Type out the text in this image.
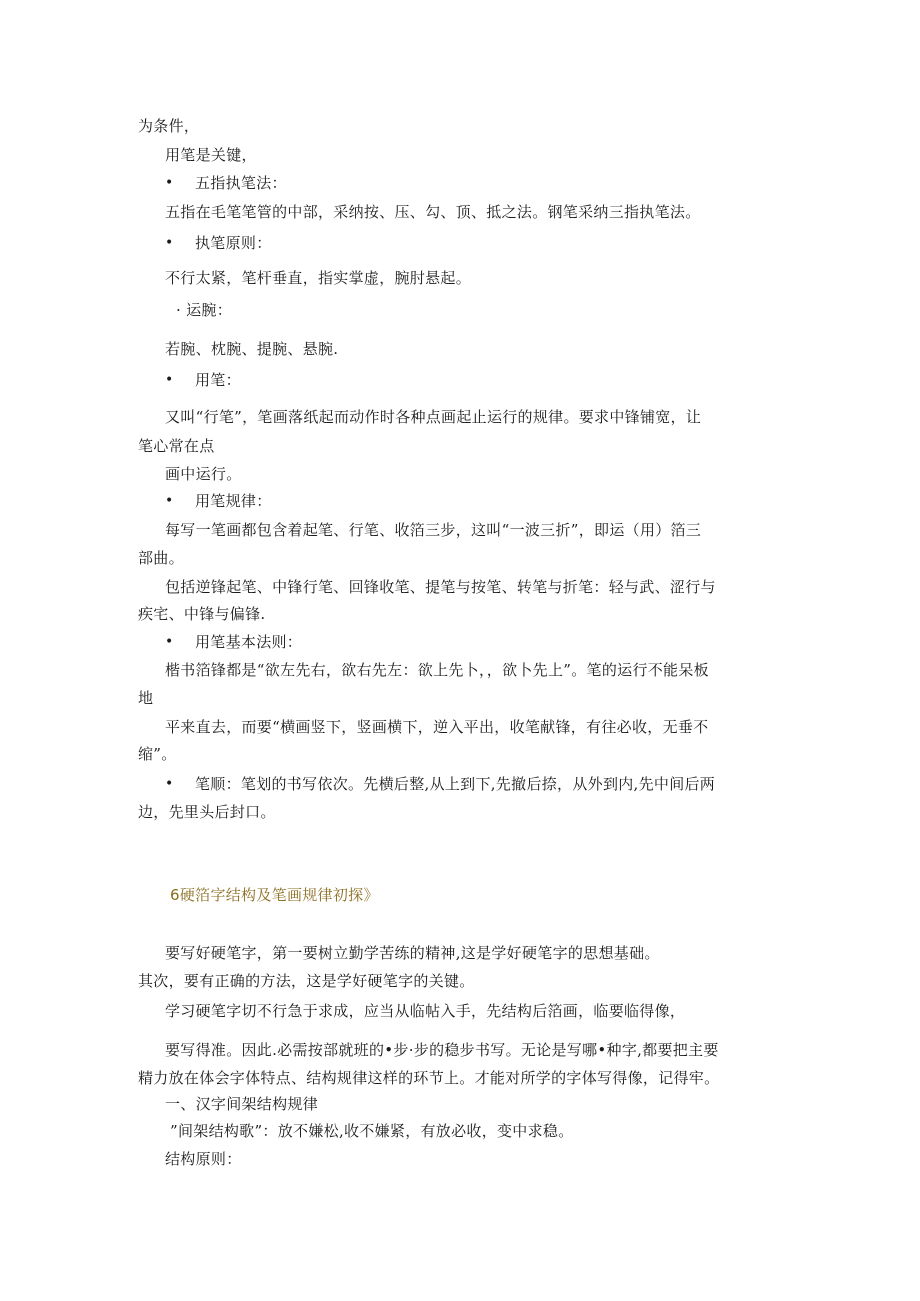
为条件，
用笔是关键，
• 五指执笔法：
五指在毛笔笔管的中部，采纳按、压、勾、顶、抵之法。钢笔采纳三指执笔法。
• 执笔原则：
不行太紧，笔杆垂直，指实掌虚，腕肘悬起。
· 运腕：
若腕、枕腕、提腕、悬腕.
• 用笔：
又叫“行笔”，笔画落纸起而动作时各种点画起止运行的规律。要求中锋铺宽，让
笔心常在点
画中运行。
• 用笔规律：
每写一笔画都包含着起笔、行笔、收箔三步，这叫“一波三折”，即运（用）箔三
部曲。
包括逆锋起笔、中锋行笔、回锋收笔、提笔与按笔、转笔与折笔：轻与武、涩行与
疾宅、中锋与偏锋.
• 用笔基本法则：
楷书箔锋都是“欲左先右，欲右先左：欲上先卜，，欲卜先上”。笔的运行不能呆板
地
平来直去，而要“横画竖下，竖画横下，逆入平出，收笔献锋，有往必收，无垂不
缩”。
• 笔顺：笔划的书写依次。先横后整,从上到下,先撤后捺，从外到内,先中间后两
边，先里头后封口。
6硬箔字结构及笔画规律初探》
要写好硬笔字，第一要树立勤学苦练的精神,这是学好硬笔字的思想基础。
其次，要有正确的方法，这是学好硬笔字的关键。
学习硬笔字切不行急于求成，应当从临帖入手，先结构后箔画，临要临得像，
要写得准。因此.必需按部就班的•步·步的稳步书写。无论是写哪•种字,都要把主要
精力放在体会字体特点、结构规律这样的环节上。才能对所学的字体写得像，记得牢。
一、汉字间架结构规律
”间架结构歌”：放不嫌松,收不嫌紧，有放必收，变中求稳。
结构原则：
